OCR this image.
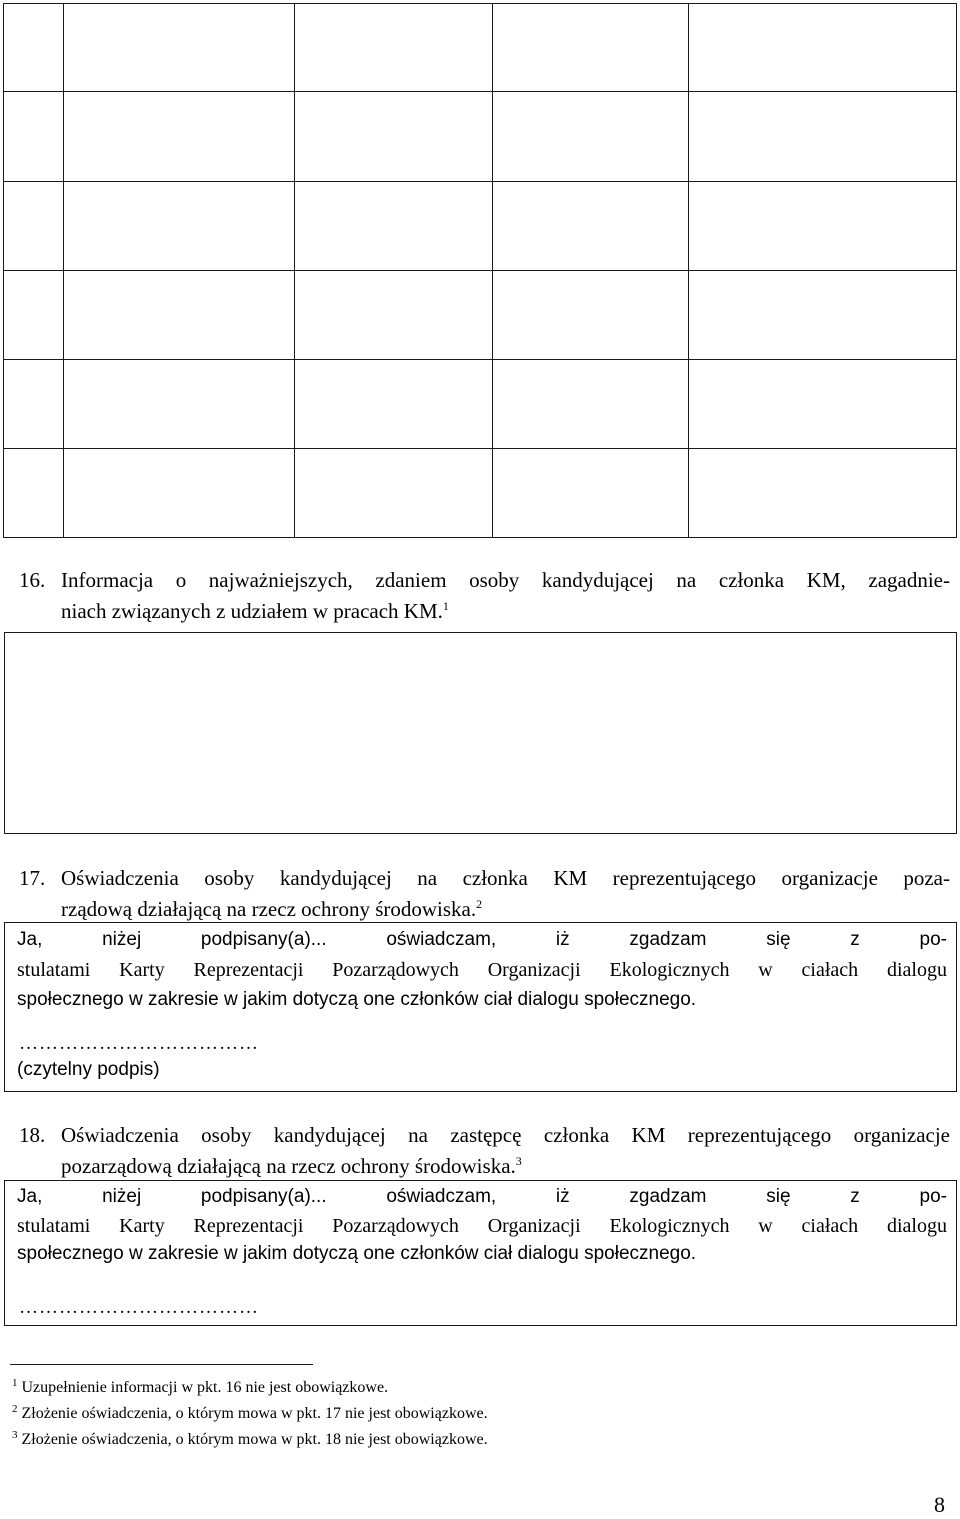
16. Informacja o najważniejszych, zdaniem osoby kandydującej na członka KM, zagadnie-
niach związanych z udziałem w pracach KM.$^1$
17. Oświadczenia osoby kandydującej na członka KM reprezentującego organizacje poza-
rządową działającą na rzecz ochrony środowiska.$^2$
Ja, niżej podpisany(a)... oświadczam, iż zgadzam się z po-
stulatami Karty Reprezentacji Pozarządowych Organizacji Ekologicznych w ciałach dialogu
społecznego w zakresie w jakim dotyczą one członków ciał dialogu społecznego.
………………………………
(czytelny podpis)
18. Oświadczenia osoby kandydującej na zastępcę członka KM reprezentującego organizacje
pozarządową działającą na rzecz ochrony środowiska.$^3$
Ja, niżej podpisany(a)... oświadczam, iż zgadzam się z po-
stulatami Karty Reprezentacji Pozarządowych Organizacji Ekologicznych w ciałach dialogu
społecznego w zakresie w jakim dotyczą one członków ciał dialogu społecznego.
………………………………
$^1$ Uzupełnienie informacji w pkt. 16 nie jest obowiązkowe.
$^2$ Złożenie oświadczenia, o którym mowa w pkt. 17 nie jest obowiązkowe.
$^3$ Złożenie oświadczenia, o którym mowa w pkt. 18 nie jest obowiązkowe.
8
